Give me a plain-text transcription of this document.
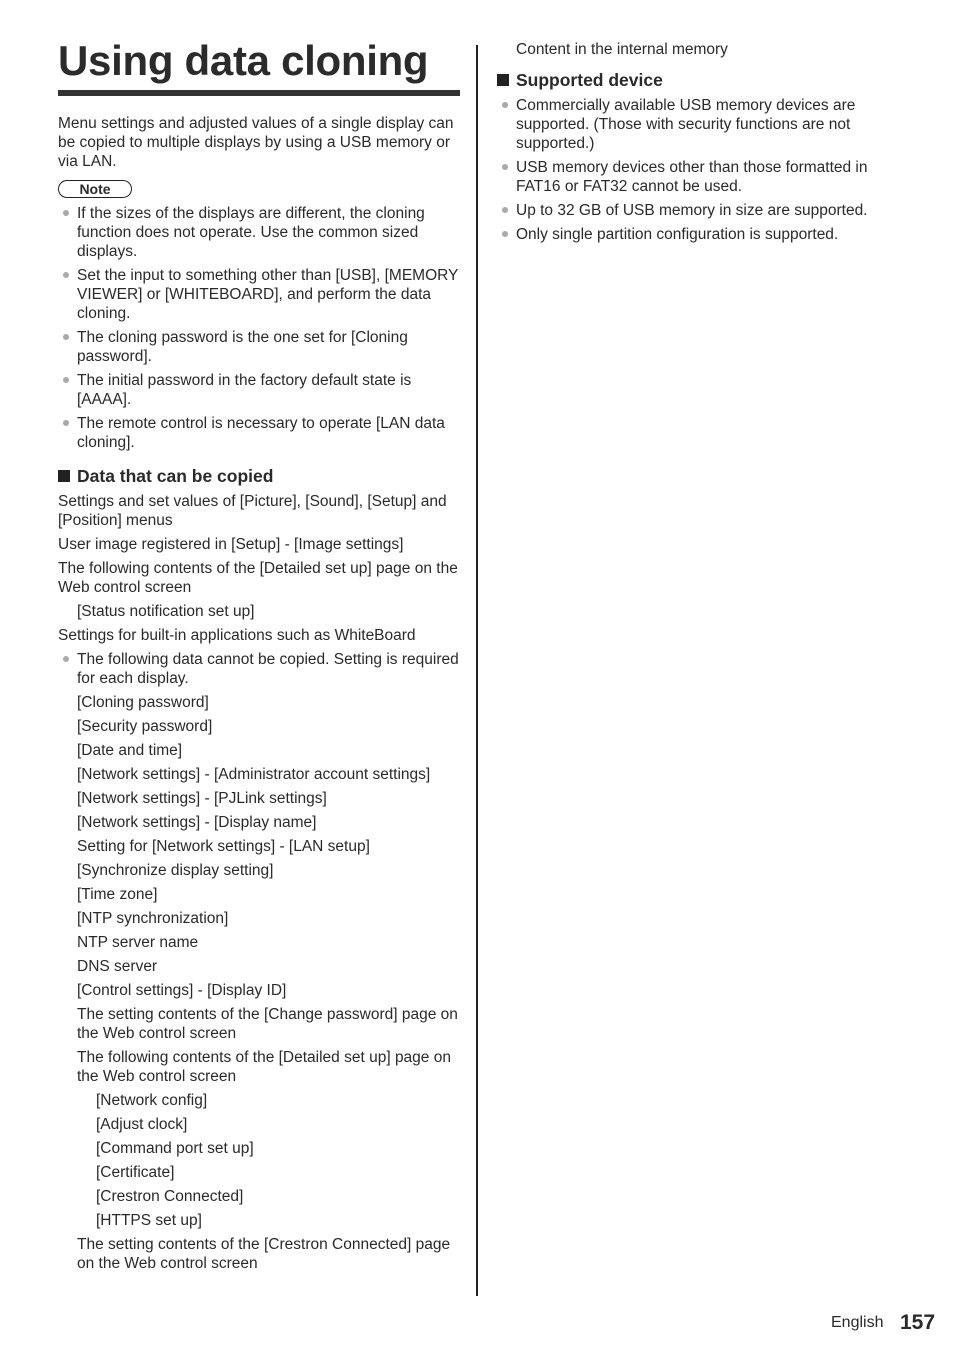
Using data cloning
Menu settings and adjusted values of a single display can be copied to multiple displays by using a USB memory or via LAN.
Note
If the sizes of the displays are different, the cloning function does not operate. Use the common sized displays.
Set the input to something other than [USB], [MEMORY VIEWER] or [WHITEBOARD], and perform the data cloning.
The cloning password is the one set for [Cloning password].
The initial password in the factory default state is [AAAA].
The remote control is necessary to operate [LAN data cloning].
Data that can be copied
Settings and set values of [Picture], [Sound], [Setup] and [Position] menus
User image registered in [Setup] - [Image settings]
The following contents of the [Detailed set up] page on the Web control screen
[Status notification set up]
Settings for built-in applications such as WhiteBoard
The following data cannot be copied. Setting is required for each display.
[Cloning password]
[Security password]
[Date and time]
[Network settings] - [Administrator account settings]
[Network settings] - [PJLink settings]
[Network settings] - [Display name]
Setting for [Network settings] - [LAN setup]
[Synchronize display setting]
[Time zone]
[NTP synchronization]
NTP server name
DNS server
[Control settings] - [Display ID]
The setting contents of the [Change password] page on the Web control screen
The following contents of the [Detailed set up] page on the Web control screen
[Network config]
[Adjust clock]
[Command port set up]
[Certificate]
[Crestron Connected]
[HTTPS set up]
The setting contents of the [Crestron Connected] page on the Web control screen
Content in the internal memory
Supported device
Commercially available USB memory devices are supported. (Those with security functions are not supported.)
USB memory devices other than those formatted in FAT16 or FAT32 cannot be used.
Up to 32 GB of USB memory in size are supported.
Only single partition configuration is supported.
English 157
